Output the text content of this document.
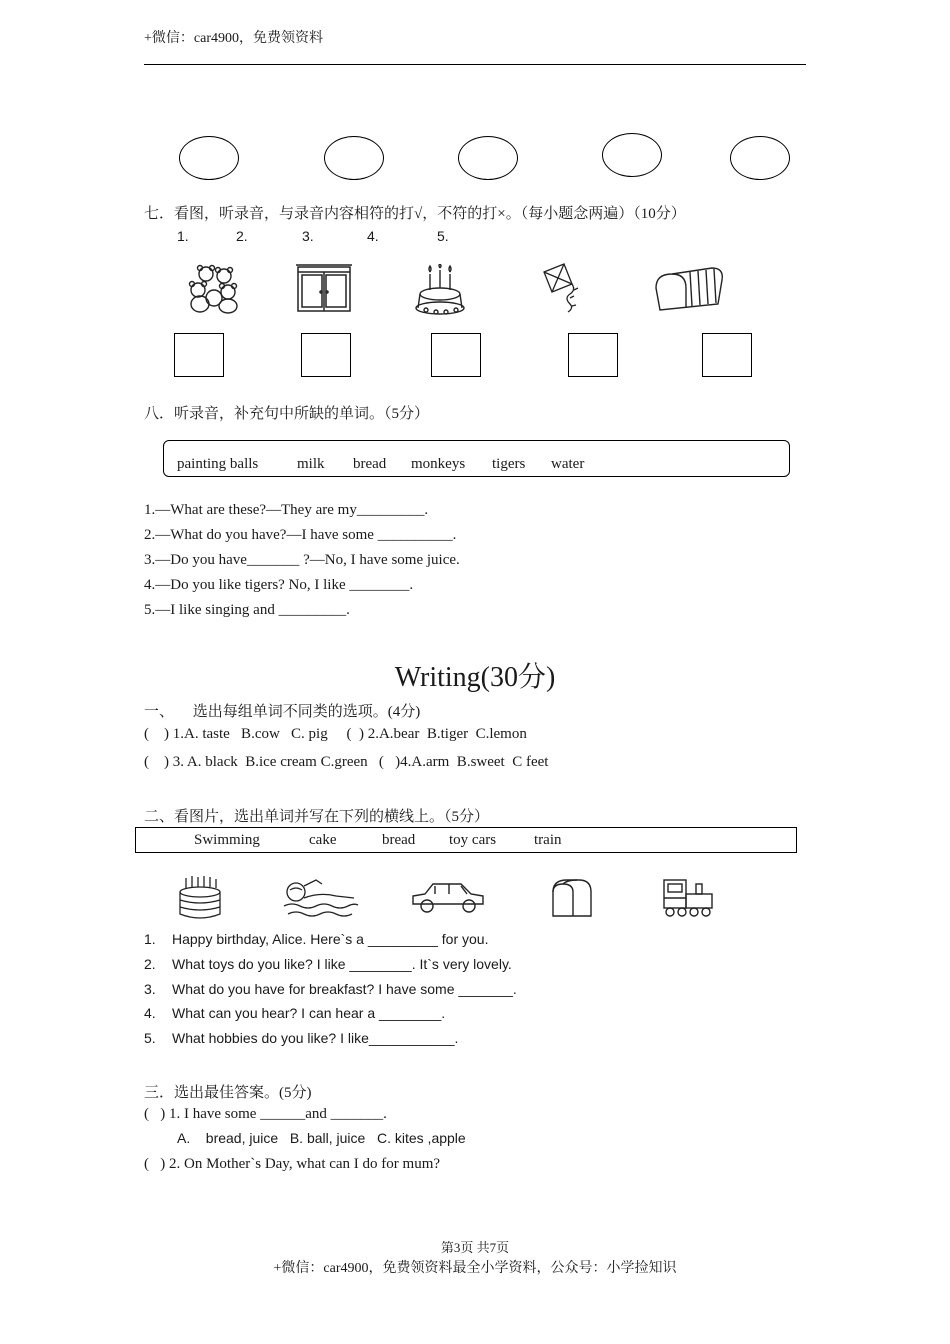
+微信：car4900，免费领资料
七．看图，听录音，与录音内容相符的打√，不符的打×。（每小题念两遍）（10分）
1.	2.	3.	4.	5.
八．听录音，补充句中所缺的单词。（5分）
painting balls	milk bread monkeys tigers water
1.—What are these?—They are my_________.
2.—What do you have?—I have some __________.
3.—Do you have_______ ?—No, I have some juice.
4.—Do you like tigers? No, I like ________.
5.—I like singing and _________.
Writing(30分)
一、     选出每组单词不同类的选项。(4分)
(    ) 1.A. taste   B.cow   C. pig     (  ) 2.A.bear  B.tiger  C.lemon
(    ) 3. A. black  B.ice cream C.green   (   )4.A.arm  B.sweet  C feet
二、看图片，选出单词并写在下列的横线上。（5分）
Swimming	cake	bread toy cars	train
1. Happy birthday, Alice. Here`s a _________ for you.
2. What toys do you like? I like ________. It`s very lovely.
3. What do you have for breakfast? I have some _______.
4. What can you hear? I can hear a ________.
5. What hobbies do you like? I like___________.
三．选出最佳答案。(5分)
(   ) 1. I have some ______and _______.
A.    bread, juice   B. ball, juice   C. kites ,apple
(   ) 2. On Mother`s Day, what can I do for mum?
第3页 共7页
+微信：car4900，免费领资料最全小学资料，公众号：小学捡知识
